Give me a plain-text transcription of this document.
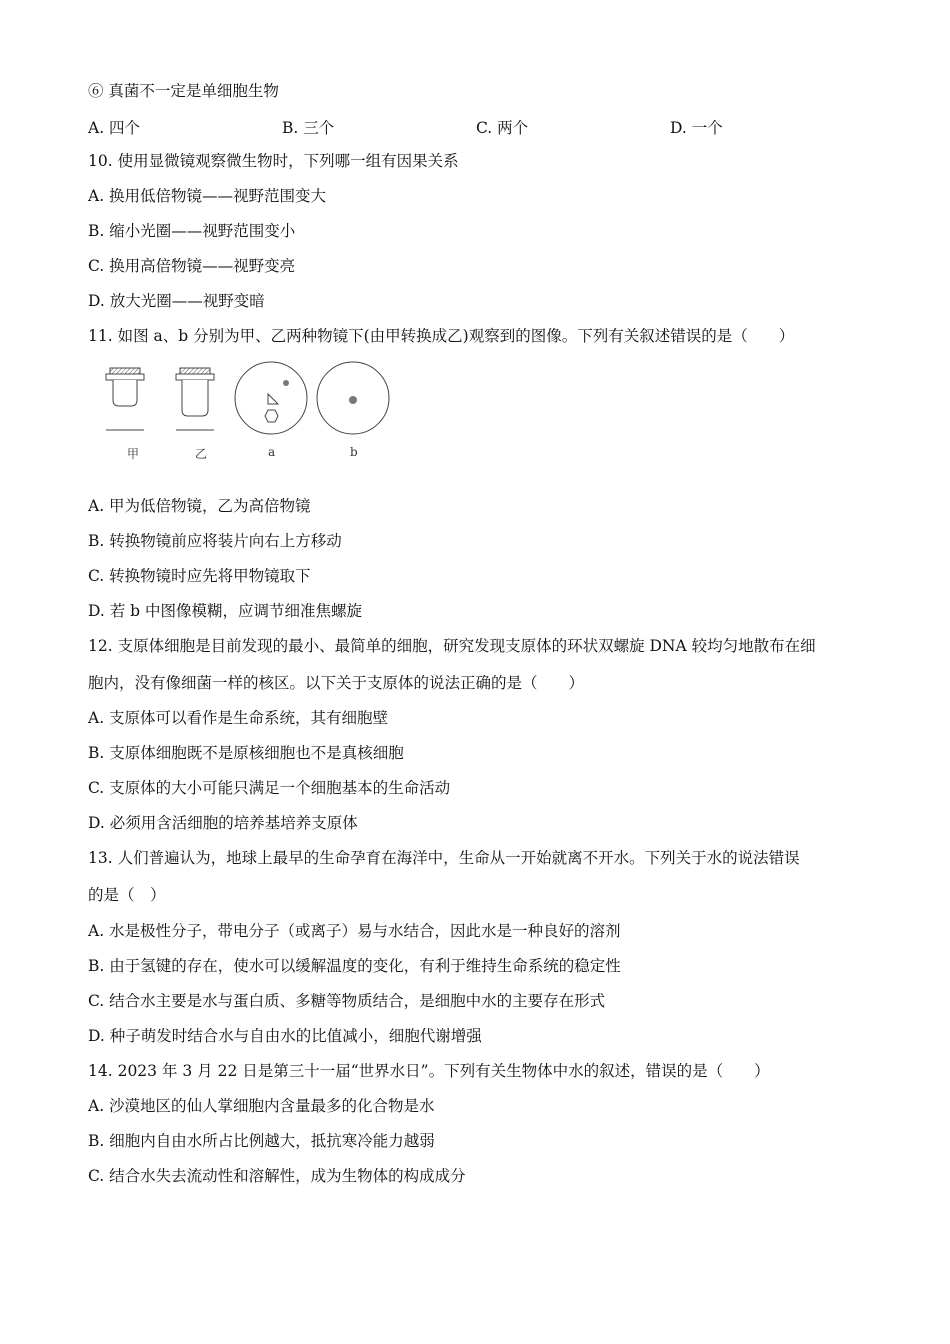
⑥ 真菌不一定是单细胞生物
A. 四个	B. 三个	C. 两个	D. 一个
10. 使用显微镜观察微生物时，下列哪一组有因果关系
A. 换用低倍物镜——视野范围变大
B. 缩小光圈——视野范围变小
C. 换用高倍物镜——视野变亮
D. 放大光圈——视野变暗
11. 如图 a、b 分别为甲、乙两种物镜下(由甲转换成乙)观察到的图像。下列有关叙述错误的是（　　）
甲	乙	a	b
A. 甲为低倍物镜，乙为高倍物镜
B. 转换物镜前应将装片向右上方移动
C. 转换物镜时应先将甲物镜取下
D. 若 b 中图像模糊，应调节细准焦螺旋
12. 支原体细胞是目前发现的最小、最简单的细胞，研究发现支原体的环状双螺旋 DNA 较均匀地散布在细
胞内，没有像细菌一样的核区。以下关于支原体的说法正确的是（　　）
A. 支原体可以看作是生命系统，其有细胞壁
B. 支原体细胞既不是原核细胞也不是真核细胞
C. 支原体的大小可能只满足一个细胞基本的生命活动
D. 必须用含活细胞的培养基培养支原体
13. 人们普遍认为，地球上最早的生命孕育在海洋中，生命从一开始就离不开水。下列关于水的说法错误
的是（　）
A. 水是极性分子，带电分子（或离子）易与水结合，因此水是一种良好的溶剂
B. 由于氢键的存在，使水可以缓解温度的变化，有利于维持生命系统的稳定性
C. 结合水主要是水与蛋白质、多糖等物质结合，是细胞中水的主要存在形式
D. 种子萌发时结合水与自由水的比值减小，细胞代谢增强
14. 2023 年 3 月 22 日是第三十一届“世界水日”。下列有关生物体中水的叙述，错误的是（　　）
A. 沙漠地区的仙人掌细胞内含量最多的化合物是水
B. 细胞内自由水所占比例越大，抵抗寒冷能力越弱
C. 结合水失去流动性和溶解性，成为生物体的构成成分
